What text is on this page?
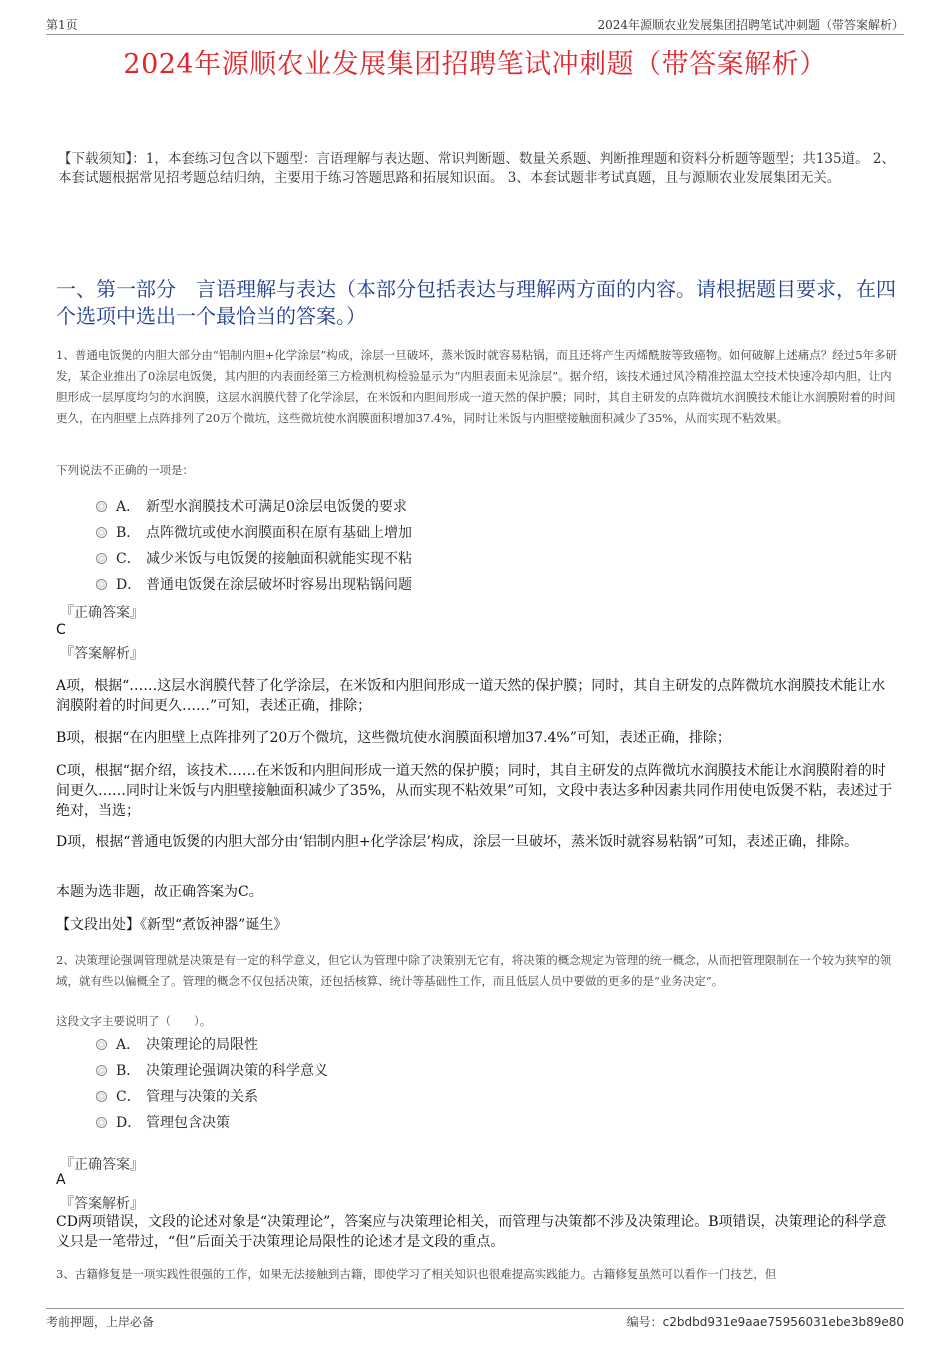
第1页	2024年源顺农业发展集团招聘笔试冲刺题（带答案解析）
2024年源顺农业发展集团招聘笔试冲刺题（带答案解析）
【下载须知】：1，本套练习包含以下题型：言语理解与表达题、常识判断题、数量关系题、判断推理题和资料分析题等题型；共135道。 2、本套试题根据常见招考题总结归纳，主要用于练习答题思路和拓展知识面。 3、本套试题非考试真题，且与源顺农业发展集团无关。
一、第一部分　言语理解与表达（本部分包括表达与理解两方面的内容。请根据题目要求，在四个选项中选出一个最恰当的答案。）
1、普通电饭煲的内胆大部分由“铝制内胆+化学涂层”构成，涂层一旦破坏，蒸米饭时就容易粘锅，而且还将产生丙烯酰胺等致癌物。如何破解上述痛点？经过5年多研发，某企业推出了0涂层电饭煲，其内胆的内表面经第三方检测机构检验显示为“内胆表面未见涂层”。据介绍，该技术通过风冷精准控温太空技术快速冷却内胆，让内胆形成一层厚度均匀的水润膜，这层水润膜代替了化学涂层，在米饭和内胆间形成一道天然的保护膜；同时，其自主研发的点阵微坑水润膜技术能让水润膜附着的时间更久，在内胆壁上点阵排列了20万个微坑，这些微坑使水润膜面积增加37.4%，同时让米饭与内胆壁接触面积减少了35%，从而实现不粘效果。
下列说法不正确的一项是：
A． 新型水润膜技术可满足0涂层电饭煲的要求
B． 点阵微坑或使水润膜面积在原有基础上增加
C． 减少米饭与电饭煲的接触面积就能实现不粘
D． 普通电饭煲在涂层破坏时容易出现粘锅问题
『正确答案』
C
『答案解析』
A项，根据“……这层水润膜代替了化学涂层，在米饭和内胆间形成一道天然的保护膜；同时，其自主研发的点阵微坑水润膜技术能让水润膜附着的时间更久……”可知，表述正确，排除；
B项，根据“在内胆壁上点阵排列了20万个微坑，这些微坑使水润膜面积增加37.4%”可知，表述正确，排除；
C项，根据“据介绍，该技术……在米饭和内胆间形成一道天然的保护膜；同时，其自主研发的点阵微坑水润膜技术能让水润膜附着的时间更久……同时让米饭与内胆壁接触面积减少了35%，从而实现不粘效果”可知，文段中表达多种因素共同作用使电饭煲不粘，表述过于绝对，当选；
D项，根据“普通电饭煲的内胆大部分由‘铝制内胆+化学涂层’构成，涂层一旦破坏，蒸米饭时就容易粘锅”可知，表述正确，排除。
本题为选非题，故正确答案为C。
【文段出处】《新型“煮饭神器”诞生》
2、决策理论强调管理就是决策是有一定的科学意义，但它认为管理中除了决策别无它有，将决策的概念规定为管理的统一概念，从而把管理限制在一个较为狭窄的领域，就有些以偏概全了。管理的概念不仅包括决策，还包括核算、统计等基础性工作，而且低层人员中要做的更多的是“业务决定”。
这段文字主要说明了（　　）。
A． 决策理论的局限性
B． 决策理论强调决策的科学意义
C． 管理与决策的关系
D． 管理包含决策
『正确答案』
A
『答案解析』
CD两项错误，文段的论述对象是“决策理论”，答案应与决策理论相关，而管理与决策都不涉及决策理论。B项错误，决策理论的科学意义只是一笔带过，“但”后面关于决策理论局限性的论述才是文段的重点。
3、古籍修复是一项实践性很强的工作，如果无法接触到古籍，即使学习了相关知识也很难提高实践能力。古籍修复虽然可以看作一门技艺，但
考前押题，上岸必备	编号：c2bdbd931e9aae75956031ebe3b89e80
